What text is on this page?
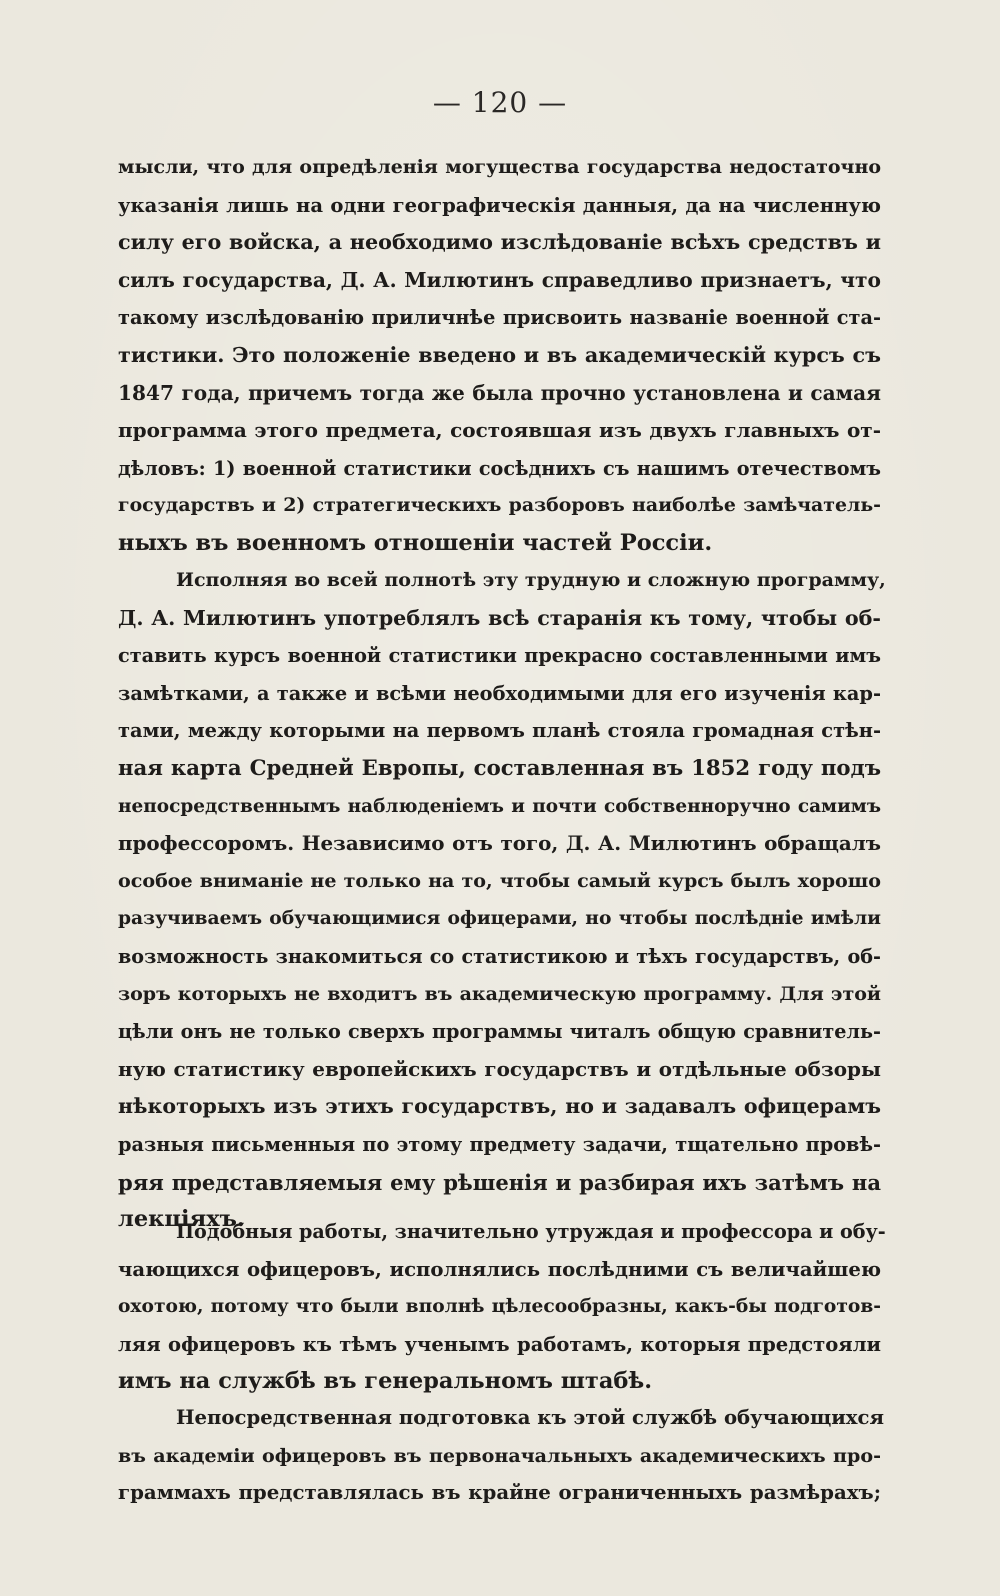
— 120 —
мысли, что для опредѣленія могущества государства недостаточно
указанія лишь на одни географическія данныя, да на численную
силу его войска, а необходимо изслѣдованіе всѣхъ средствъ и
силъ государства, Д. А. Милютинъ справедливо признаетъ, что
такому изслѣдованію приличнѣе присвоить названіе военной ста-
тистики. Это положеніе введено и въ академическій курсъ съ
1847 года, причемъ тогда же была прочно установлена и самая
программа этого предмета, состоявшая изъ двухъ главныхъ от-
дѣловъ: 1) военной статистики сосѣднихъ съ нашимъ отечествомъ
государствъ и 2) стратегическихъ разборовъ наиболѣе замѣчатель-
ныхъ въ военномъ отношеніи частей Россіи.
Исполняя во всей полнотѣ эту трудную и сложную программу,
Д. А. Милютинъ употреблялъ всѣ старанія къ тому, чтобы об-
ставить курсъ военной статистики прекрасно составленными имъ
замѣтками, а также и всѣми необходимыми для его изученія кар-
тами, между которыми на первомъ планѣ стояла громадная стѣн-
ная карта Средней Европы, составленная въ 1852 году подъ
непосредственнымъ наблюденіемъ и почти собственноручно самимъ
профессоромъ. Независимо отъ того, Д. А. Милютинъ обращалъ
особое вниманіе не только на то, чтобы самый курсъ былъ хорошо
разучиваемъ обучающимися офицерами, но чтобы послѣдніе имѣли
возможность знакомиться со статистикою и тѣхъ государствъ, об-
зоръ которыхъ не входитъ въ академическую программу. Для этой
цѣли онъ не только сверхъ программы читалъ общую сравнитель-
ную статистику европейскихъ государствъ и отдѣльные обзоры
нѣкоторыхъ изъ этихъ государствъ, но и задавалъ офицерамъ
разныя письменныя по этому предмету задачи, тщательно провѣ-
ряя представляемыя ему рѣшенія и разбирая ихъ затѣмъ на
лекціяхъ.
Подобныя работы, значительно утруждая и профессора и обу-
чающихся офицеровъ, исполнялись послѣдними съ величайшею
охотою, потому что были вполнѣ цѣлесообразны, какъ-бы подготов-
ляя офицеровъ къ тѣмъ ученымъ работамъ, которыя предстояли
имъ на службѣ въ генеральномъ штабѣ.
Непосредственная подготовка къ этой службѣ обучающихся
въ академіи офицеровъ въ первоначальныхъ академическихъ про-
граммахъ представлялась въ крайне ограниченныхъ размѣрахъ;
